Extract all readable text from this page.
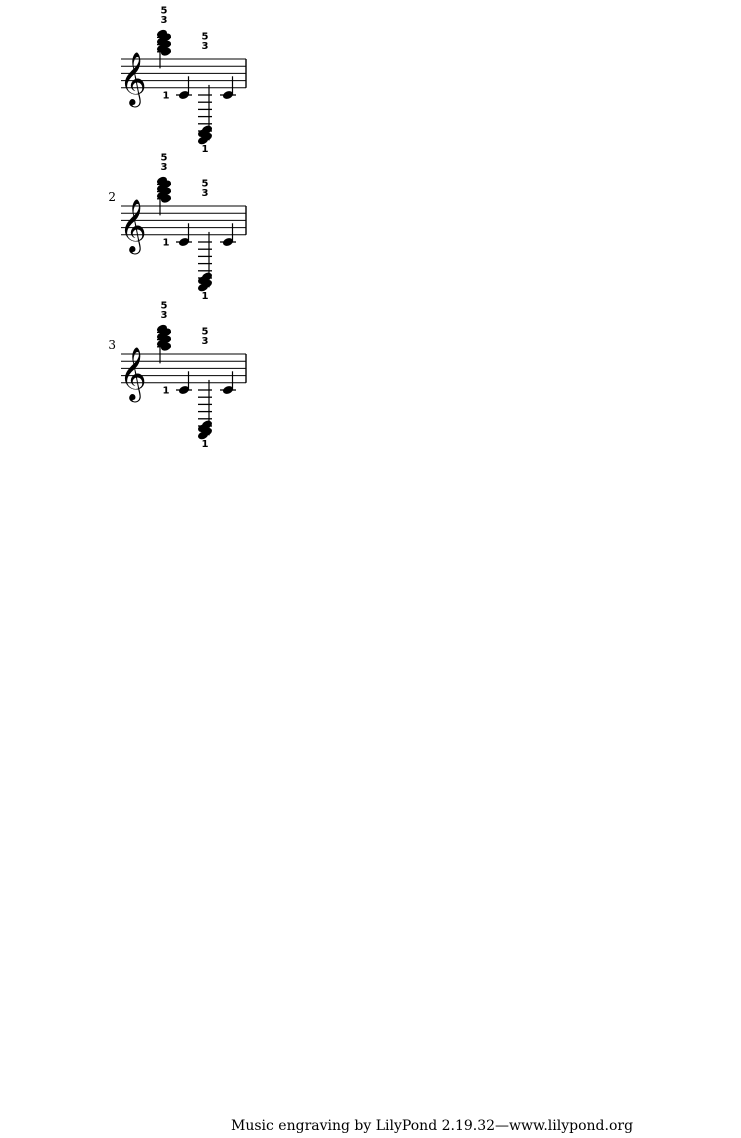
𝄞
3
5
1
1
3
5
2
𝄞
3
5
1
1
3
5
3
𝄞
3
5
1
1
3
5
Music engraving by LilyPond 2.19.32—www.lilypond.org
